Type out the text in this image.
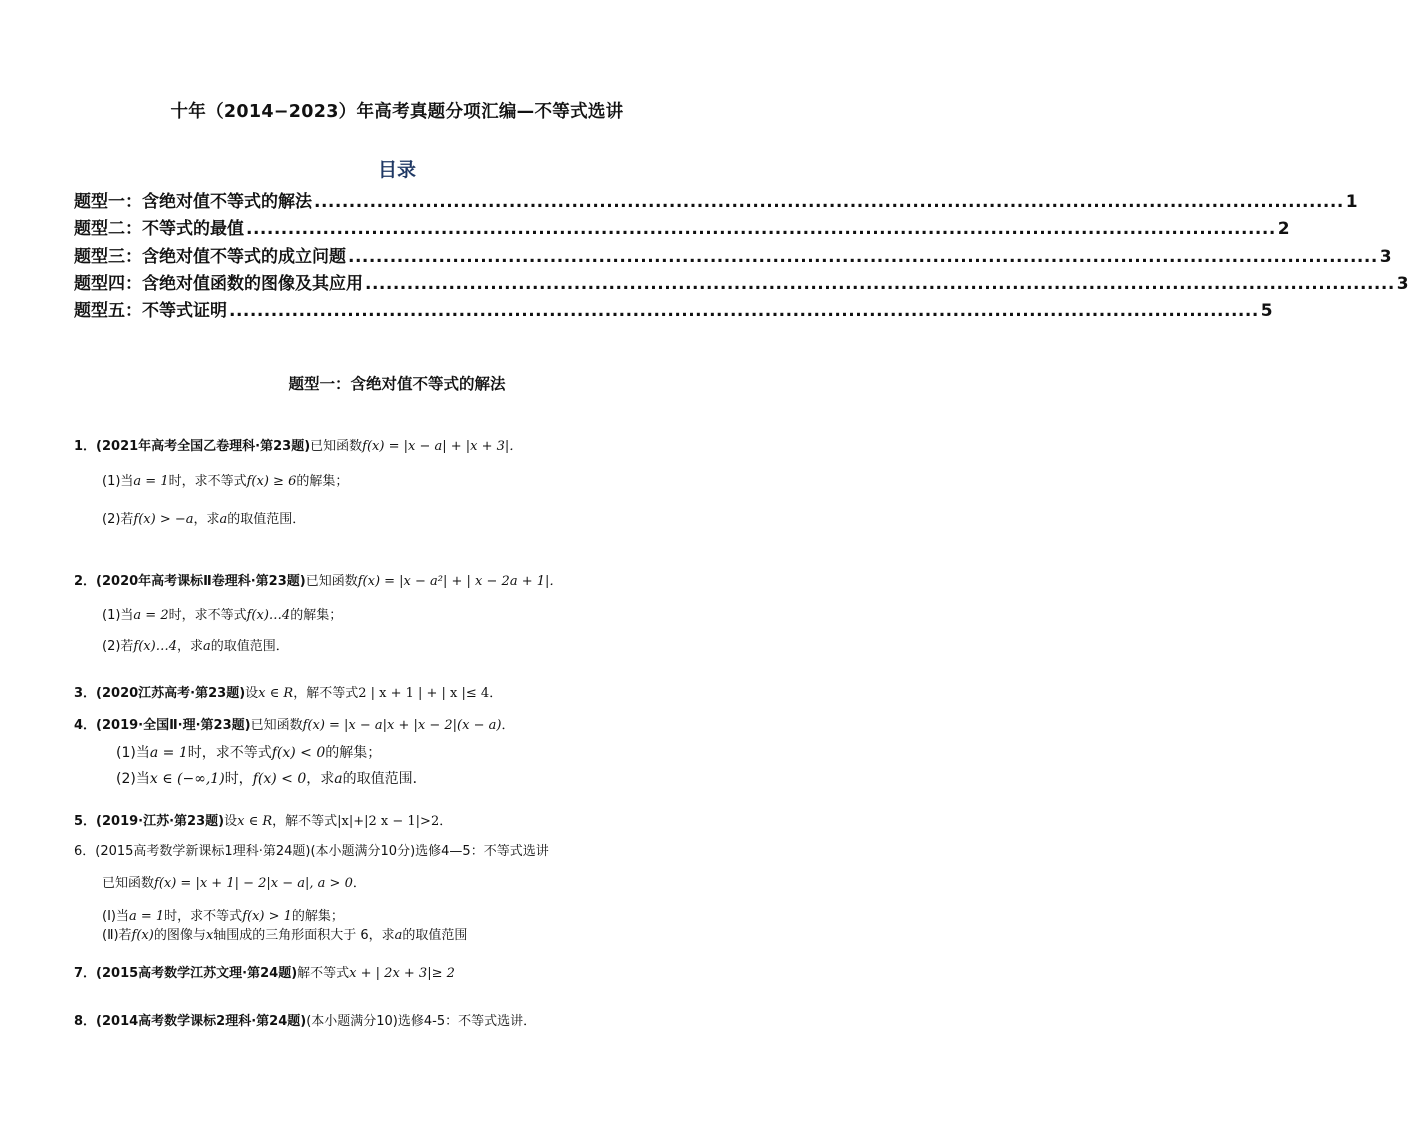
十年（2014−2023）年高考真题分项汇编—不等式选讲
目录
题型一：含绝对值不等式的解法 .................................................................................................................................................... 1
题型二：不等式的最值 .................................................................................................................................................... 2
题型三：含绝对值不等式的成立问题 .................................................................................................................................................... 3
题型四：含绝对值函数的图像及其应用 .................................................................................................................................................... 3
题型五：不等式证明 .................................................................................................................................................... 5
题型一：含绝对值不等式的解法
1．(2021年高考全国乙卷理科·第23题)已知函数f(x) = |x − a| + |x + 3|．
(1)当a = 1时，求不等式f(x) ≥ 6的解集；
(2)若f(x) > −a，求a的取值范围．
2．(2020年高考课标Ⅱ卷理科·第23题)已知函数f(x) = |x − a²| + | x − 2a + 1|．
(1)当a = 2时，求不等式f(x)…4的解集；
(2)若f(x)…4，求a的取值范围．
3．(2020江苏高考·第23题)设x ∈ R，解不等式2 | x + 1 | + | x |≤ 4．
4．(2019·全国Ⅱ·理·第23题)已知函数f(x) = |x − a|x + |x − 2|(x − a)．
(1)当a = 1时，求不等式f(x) < 0的解集；
(2)当x ∈ (−∞,1)时，f(x) < 0，求a的取值范围．
5．(2019·江苏·第23题)设x ∈ R，解不等式|x|+|2 x − 1|>2．
6．(2015高考数学新课标1理科·第24题)(本小题满分10分)选修4—5：不等式选讲
已知函数f(x) = |x + 1| − 2|x − a|, a > 0．
(Ⅰ)当a = 1时，求不等式f(x) > 1的解集；
(Ⅱ)若f(x)的图像与x轴围成的三角形面积大于 6，求a的取值范围
7．(2015高考数学江苏文理·第24题)解不等式x + | 2x + 3|≥ 2
8．(2014高考数学课标2理科·第24题)(本小题满分10)选修4-5：不等式选讲．
